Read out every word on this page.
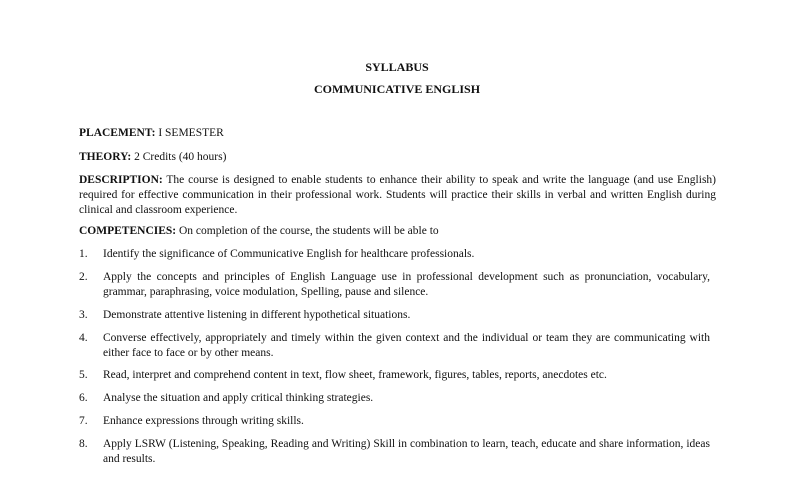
SYLLABUS
COMMUNICATIVE ENGLISH
PLACEMENT: I SEMESTER
THEORY: 2 Credits (40 hours)
DESCRIPTION: The course is designed to enable students to enhance their ability to speak and write the language (and use English) required for effective communication in their professional work. Students will practice their skills in verbal and written English during clinical and classroom experience.
COMPETENCIES: On completion of the course, the students will be able to
1.	Identify the significance of Communicative English for healthcare professionals.
2.	Apply the concepts and principles of English Language use in professional development such as pronunciation, vocabulary, grammar, paraphrasing, voice modulation, Spelling, pause and silence.
3.	Demonstrate attentive listening in different hypothetical situations.
4.	Converse effectively, appropriately and timely within the given context and the individual or team they are communicating with either face to face or by other means.
5.	Read, interpret and comprehend content in text, flow sheet, framework, figures, tables, reports, anecdotes etc.
6.	Analyse the situation and apply critical thinking strategies.
7.	Enhance expressions through writing skills.
8.	Apply LSRW (Listening, Speaking, Reading and Writing) Skill in combination to learn, teach, educate and share information, ideas and results.
